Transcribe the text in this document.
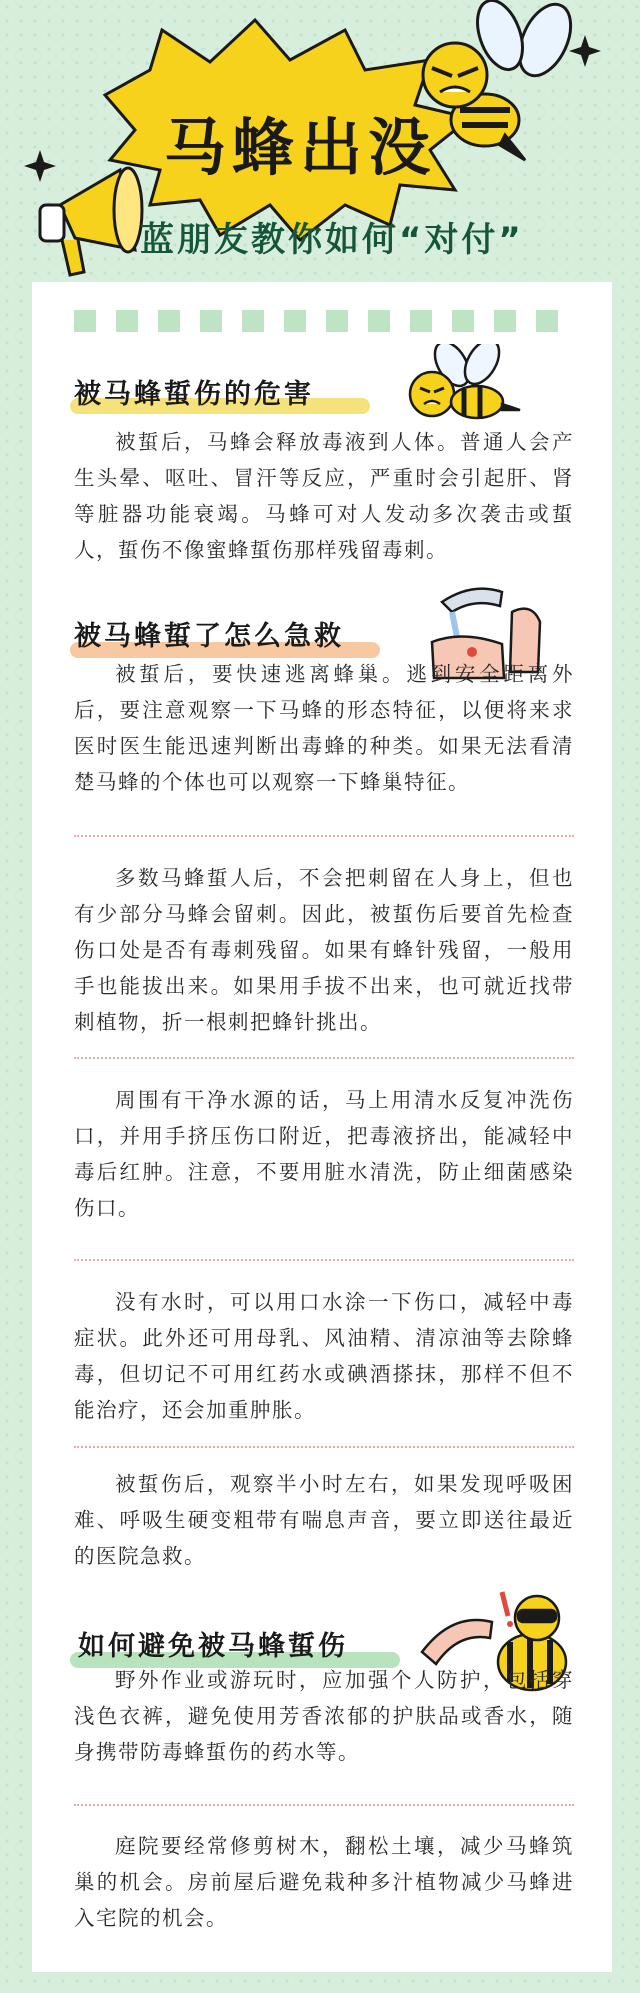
马蜂出没
蓝朋友教你如何“对付”
被马蜂蜇伤的危害
被蜇后，马蜂会释放毒液到人体。普通人会产生头晕、呕吐、冒汗等反应，严重时会引起肝、肾等脏器功能衰竭。马蜂可对人发动多次袭击或蜇人，蜇伤不像蜜蜂蜇伤那样残留毒刺。
被马蜂蜇了怎么急救
被蜇后，要快速逃离蜂巢。逃到安全距离外后，要注意观察一下马蜂的形态特征，以便将来求医时医生能迅速判断出毒蜂的种类。如果无法看清楚马蜂的个体也可以观察一下蜂巢特征。
多数马蜂蜇人后，不会把刺留在人身上，但也有少部分马蜂会留刺。因此，被蜇伤后要首先检查伤口处是否有毒刺残留。如果有蜂针残留，一般用手也能拔出来。如果用手拔不出来，也可就近找带刺植物，折一根刺把蜂针挑出。
周围有干净水源的话，马上用清水反复冲洗伤口，并用手挤压伤口附近，把毒液挤出，能减轻中毒后红肿。注意，不要用脏水清洗，防止细菌感染伤口。
没有水时，可以用口水涂一下伤口，减轻中毒症状。此外还可用母乳、风油精、清凉油等去除蜂毒，但切记不可用红药水或碘酒搽抹，那样不但不能治疗，还会加重肿胀。
被蜇伤后，观察半小时左右，如果发现呼吸困难、呼吸生硬变粗带有喘息声音，要立即送往最近的医院急救。
如何避免被马蜂蜇伤
野外作业或游玩时，应加强个人防护，包括穿浅色衣裤，避免使用芳香浓郁的护肤品或香水，随身携带防毒蜂蜇伤的药水等。
庭院要经常修剪树木，翻松土壤，减少马蜂筑巢的机会。房前屋后避免栽种多汁植物减少马蜂进入宅院的机会。
